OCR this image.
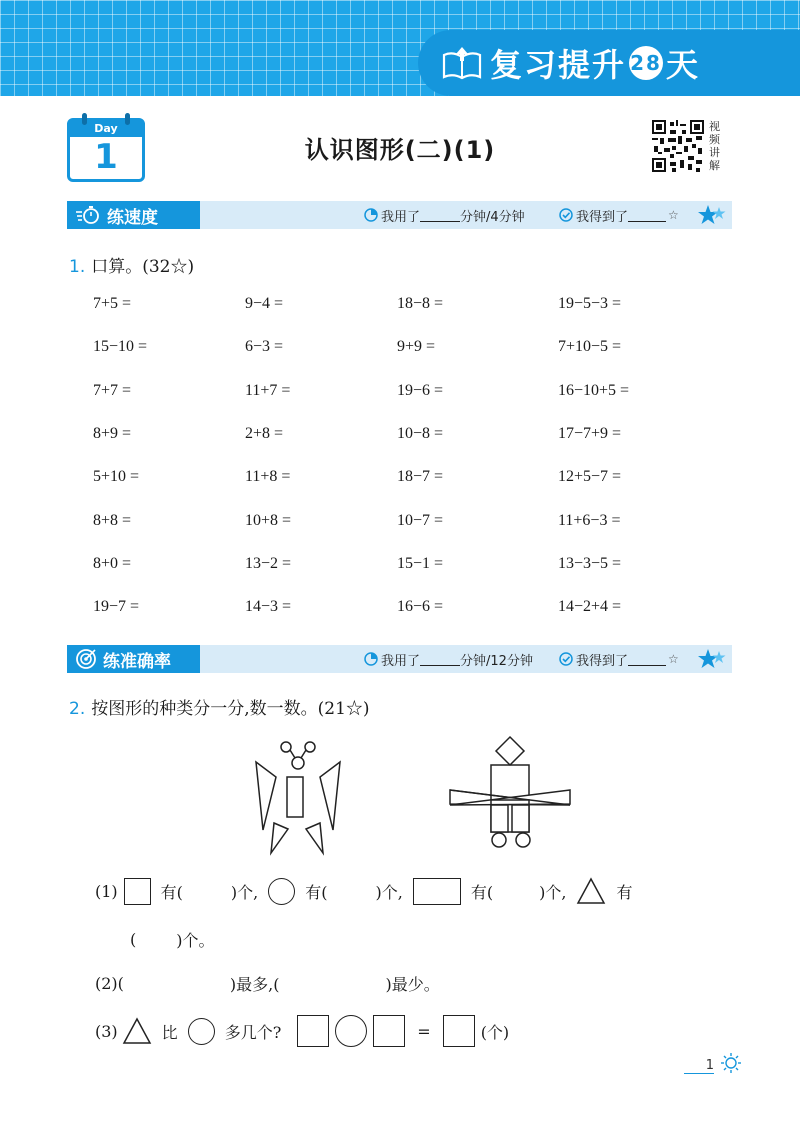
复习提升 28 天
Day
1	认识图形(二)(1)
视频讲解
练速度	我用了	分钟/4分钟	我得到了	☆
1. 口算。(32☆)
7+5 =	9−4 =	18−8 =	19−5−3 =
15−10 =	6−3 =	9+9 =	7+10−5 =
7+7 =	11+7 =	19−6 =	16−10+5 =
8+9 =	2+8 =	10−8 =	17−7+9 =
5+10 =	11+8 =	18−7 =	12+5−7 =
8+8 =	10+8 =	10−7 =	11+6−3 =
8+0 =	13−2 =	15−1 =	13−3−5 =
19−7 =	14−3 =	16−6 =	14−2+4 =
练准确率	我用了	分钟/12分钟	我得到了	☆
2. 按图形的种类分一分,数一数。(21☆)
(1)	有(	)个,	有(	)个,	有(	)个,	有
(	)个。
(2) (	)最多,(	)最少。
(3)	比	多几个?	=	(个)
1
